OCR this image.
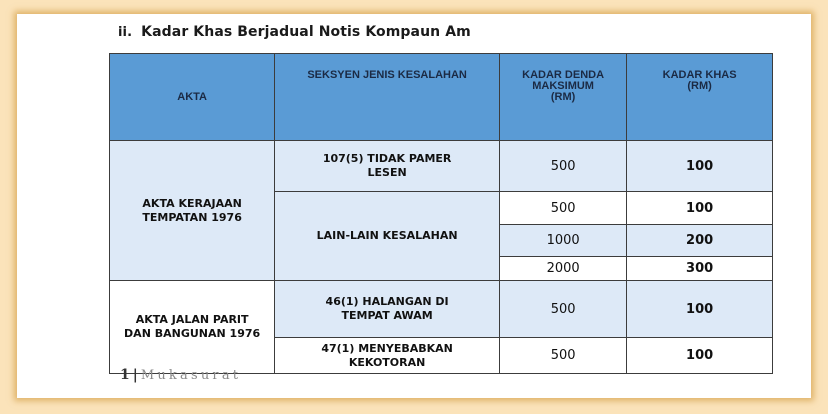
ii. Kadar Khas Berjadual Notis Kompaun Am
AKTA	SEKSYEN JENIS KESALAHAN	KADAR DENDA MAKSIMUM (RM)	KADAR KHAS (RM)
AKTA KERAJAAN TEMPATAN 1976	107(5) TIDAK PAMER LESEN	500	100
	LAIN-LAIN KESALAHAN	500	100
		1000	200
		2000	300

AKTA JALAN PARIT DAN BANGUNAN 1976	46(1) HALANGAN DI TEMPAT AWAM	500	100
	47(1) MENYEBABKAN KEKOTORAN	500	100
1 | Mukasurat
